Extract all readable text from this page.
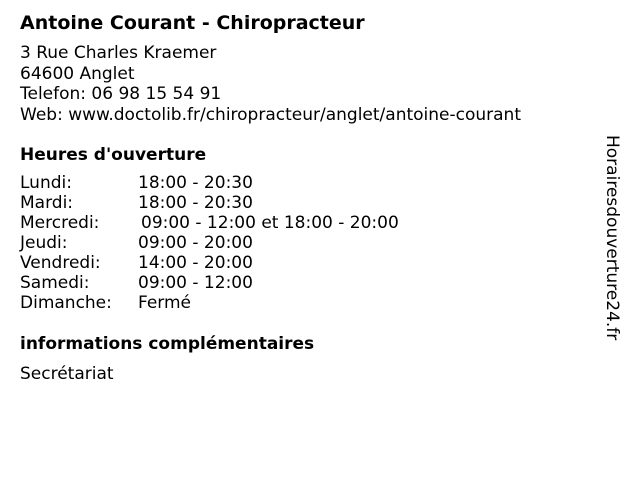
Antoine Courant - Chiropracteur
3 Rue Charles Kraemer
64600 Anglet
Telefon: 06 98 15 54 91
Web: www.doctolib.fr/chiropracteur/anglet/antoine-courant
Heures d'ouverture
Lundi:	18:00 - 20:30
Mardi:	18:00 - 20:30
Mercredi: 09:00 - 12:00 et 18:00 - 20:00
Jeudi:	09:00 - 20:00
Vendredi: 14:00 - 20:00
Samedi:	09:00 - 12:00
Dimanche: Fermé
informations complémentaires
Secrétariat
Horairesdouverture24.fr
